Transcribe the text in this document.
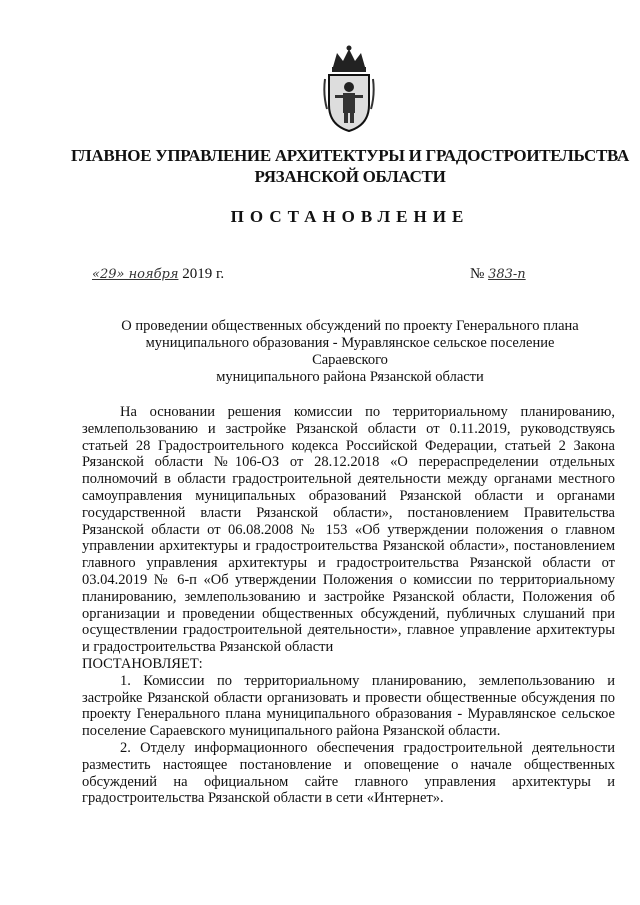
ГЛАВНОЕ УПРАВЛЕНИЕ АРХИТЕКТУРЫ И ГРАДОСТРОИТЕЛЬСТВА
РЯЗАНСКОЙ ОБЛАСТИ
ПОСТАНОВЛЕНИЕ
«29» ноября 2019 г.	№ 383-п
О проведении общественных обсуждений по проекту Генерального плана
муниципального образования - Муравлянское сельское поселение Сараевского
муниципального района Рязанской области

На основании решения комиссии по территориальному планированию, землепользованию и застройке Рязанской области от 0.11.2019, руководствуясь статьей 28 Градостроительного кодекса Российской Федерации, статьей 2 Закона Рязанской области №106-ОЗ от 28.12.2018 «О перераспределении отдельных полномочий в области градостроительной деятельности между органами местного самоуправления муниципальных образований Рязанской области и органами государственной власти Рязанской области», постановлением Правительства Рязанской области от 06.08.2008 № 153 «Об утверждении положения о главном управлении архитектуры и градостроительства Рязанской области», постановлением главного управления архитектуры и градостроительства Рязанской области от 03.04.2019 № 6-п «Об утверждении Положения о комиссии по территориальному планированию, землепользованию и застройке Рязанской области, Положения об организации и проведении общественных обсуждений, публичных слушаний при осуществлении градостроительной деятельности», главное управление архитектуры и градостроительства Рязанской области

ПОСТАНОВЛЯЕТ:

1. Комиссии по территориальному планированию, землепользованию и застройке Рязанской области организовать и провести общественные обсуждения по проекту Генерального плана муниципального образования - Муравлянское сельское поселение Сараевского муниципального района Рязанской области.

2. Отделу информационного обеспечения градостроительной деятельности разместить настоящее постановление и оповещение о начале общественных обсуждений на официальном сайте главного управления архитектуры и градостроительства Рязанской области в сети «Интернет».
